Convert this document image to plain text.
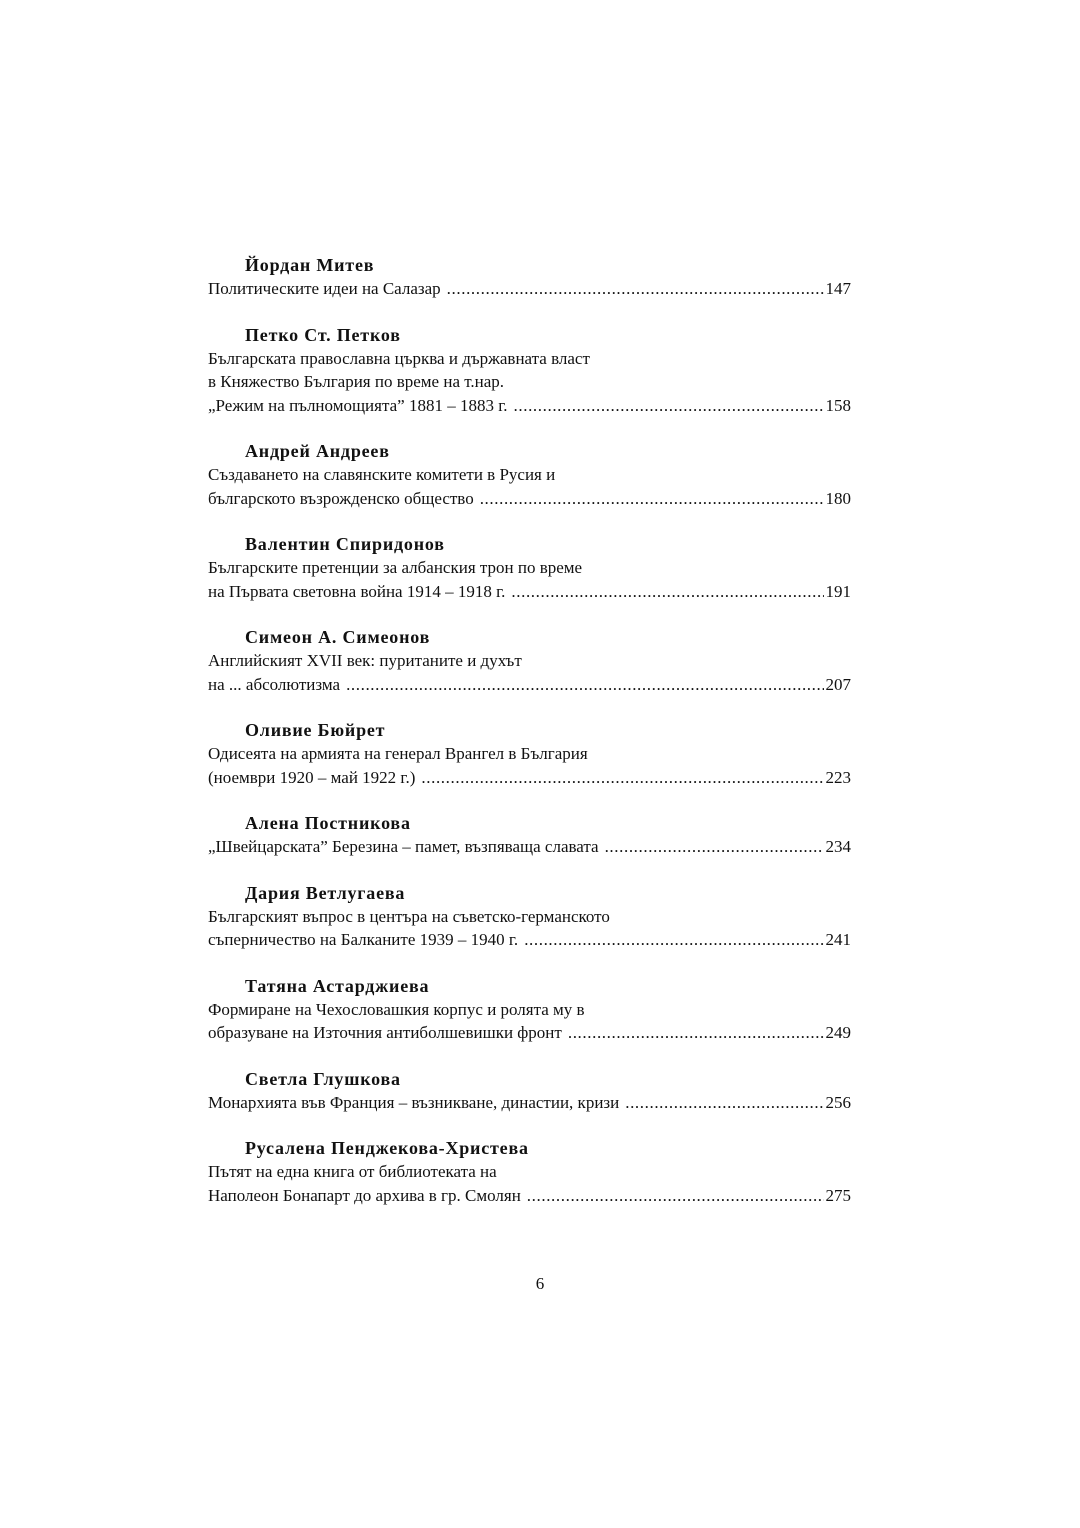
Йордан Митев
Политическите идеи на Салазар .....	147
Петко Ст. Петков
Българската православна църква и държавната власт
в Княжество България по време на т.нар.
„Режим на пълномощията” 1881 – 1883 г. .....	158
Андрей Андреев
Създаването на славянските комитети в Русия и
българското възрожденско общество .....	180
Валентин Спиридонов
Българските претенции за албанския трон по време
на Първата световна война 1914 – 1918 г. .....	191
Симеон А. Симеонов
Английският XVII век: пуританите и духът
на ... абсолютизма .....	207
Оливие Бюйрет
Одисеята на армията на генерал Врангел в България
(ноември 1920 – май 1922 г.) .....	223
Алена Постникова
„Швейцарската” Березина – памет, възпяваща славата .....	234
Дария Ветлугаева
Българският въпрос в центъра на съветско-германското
съперничество на Балканите 1939 – 1940 г. .....	241
Татяна Астарджиева
Формиране на Чехословашкия корпус и ролята му в
образуване на Източния антиболшевишки фронт .....	249
Светла Глушкова
Монархията във Франция – възникване, династии, кризи .....	256
Русалена Пенджекова-Христева
Пътят на една книга от библиотеката на
Наполеон Бонапарт до архива в гр. Смолян .....	275
6
